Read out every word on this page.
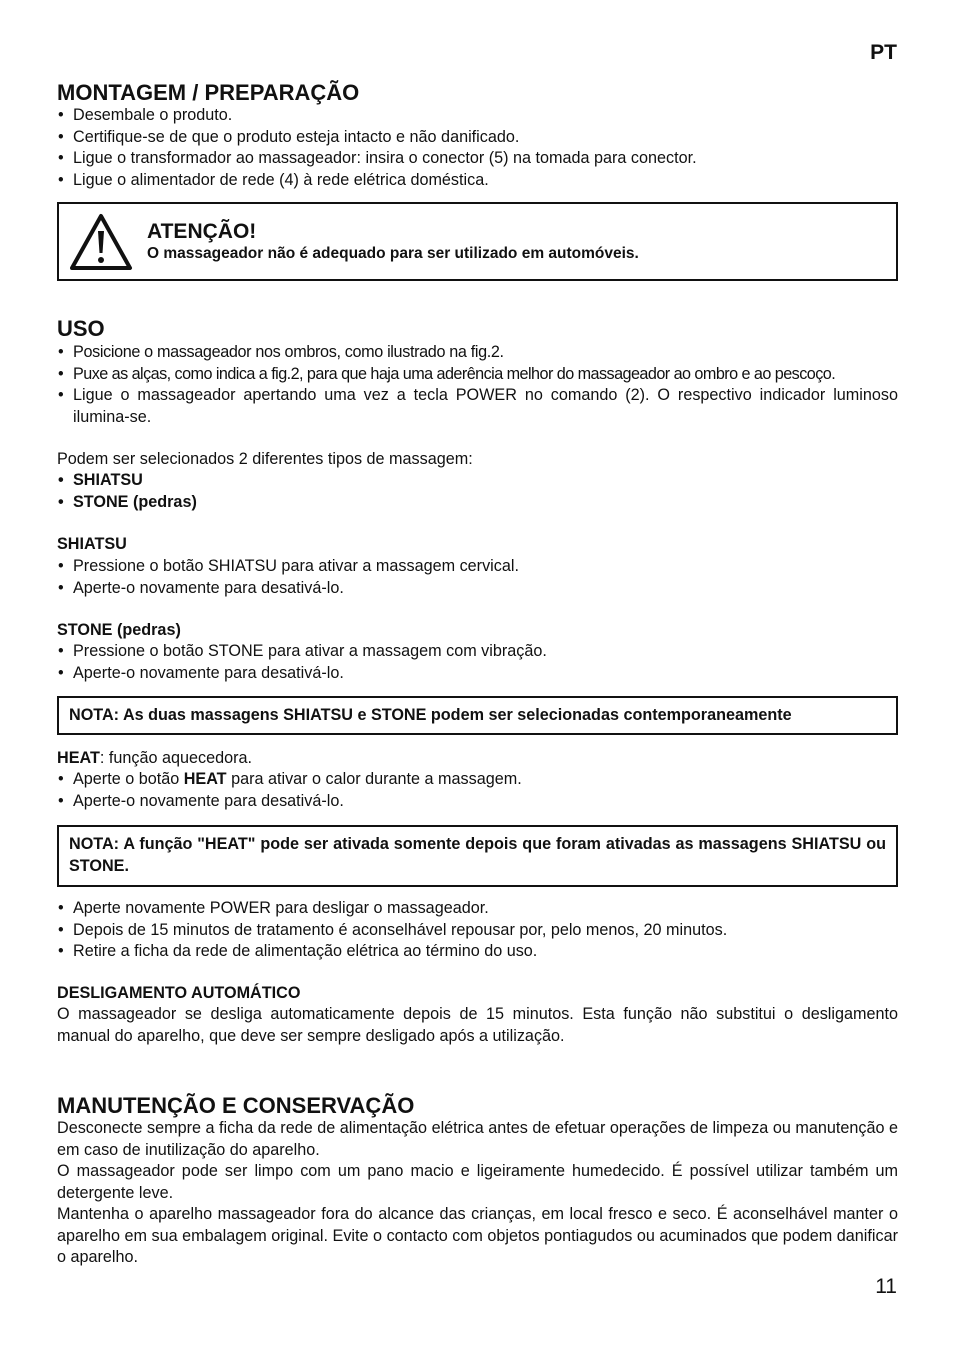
PT
MONTAGEM / PREPARAÇÃO
• Desembale o produto.
• Certifique-se de que o produto esteja intacto e não danificado.
• Ligue o transformador ao massageador: insira o conector (5) na tomada para conector.
• Ligue o alimentador de rede (4) à rede elétrica doméstica.
ATENÇÃO!
O massageador não é adequado para ser utilizado em automóveis.
USO
• Posicione o massageador nos ombros, como ilustrado na fig.2.
• Puxe as alças, como indica a fig.2, para que haja uma aderência melhor do massageador ao ombro e ao pescoço.
• Ligue o massageador apertando uma vez a tecla POWER no comando (2). O respectivo indicador luminoso ilumina-se.

Podem ser selecionados 2 diferentes tipos de massagem:

• SHIATSU
• STONE (pedras)
SHIATSU
• Pressione o botão SHIATSU para ativar a massagem cervical.
• Aperte-o novamente para desativá-lo.
STONE (pedras)
• Pressione o botão STONE para ativar a massagem com vibração.
• Aperte-o novamente para desativá-lo.
NOTA: As duas massagens SHIATSU e STONE podem ser selecionadas contemporaneamente

HEAT: função aquecedora.

• Aperte o botão HEAT para ativar o calor durante a massagem.
• Aperte-o novamente para desativá-lo.
NOTA: A função "HEAT" pode ser ativada somente depois que foram ativadas as massagens SHIATSU ou STONE.
• Aperte novamente POWER para desligar o massageador.
• Depois de 15 minutos de tratamento é aconselhável repousar por, pelo menos, 20 minutos.
• Retire a ficha da rede de alimentação elétrica ao término do uso.
DESLIGAMENTO AUTOMÁTICO

O massageador se desliga automaticamente depois de 15 minutos. Esta função não substitui o desligamento manual do aparelho, que deve ser sempre desligado após a utilização.

MANUTENÇÃO E CONSERVAÇÃO

Desconecte sempre a ficha da rede de alimentação elétrica antes de efetuar operações de limpeza ou manutenção e em caso de inutilização do aparelho.

O massageador pode ser limpo com um pano macio e ligeiramente humedecido. É possível utilizar também um detergente leve.

Mantenha o aparelho massageador fora do alcance das crianças, em local fresco e seco. É aconselhável manter o aparelho em sua embalagem original. Evite o contacto com objetos pontiagudos ou acuminados que podem danificar o aparelho.

11
